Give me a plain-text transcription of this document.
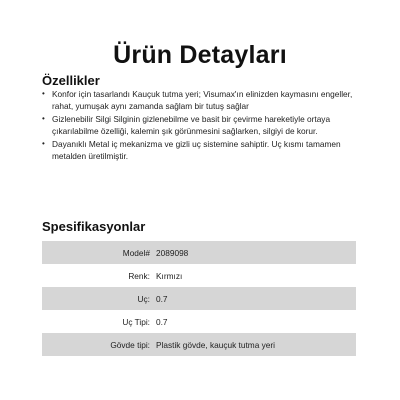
Ürün Detayları
Özellikler
• Konfor için tasarlandı Kauçuk tutma yeri; Visumax'ın elinizden kaymasını engeller, rahat, yumuşak aynı zamanda sağlam bir tutuş sağlar
• Gizlenebilir Silgi Silginin gizlenebilme ve basit bir çevirme hareketiyle ortaya çıkarılabilme özelliği, kalemin şık görünmesini sağlarken, silgiyi de korur.
• Dayanıklı Metal iç mekanizma ve gizli uç sistemine sahiptir. Uç kısmı tamamen metalden üretilmiştir.
Spesifikasyonlar
Model#	2089098
Renk:	Kırmızı
Uç:	0.7
Uç Tipi:	0.7
Gövde tipi:	Plastik gövde, kauçuk tutma yeri
